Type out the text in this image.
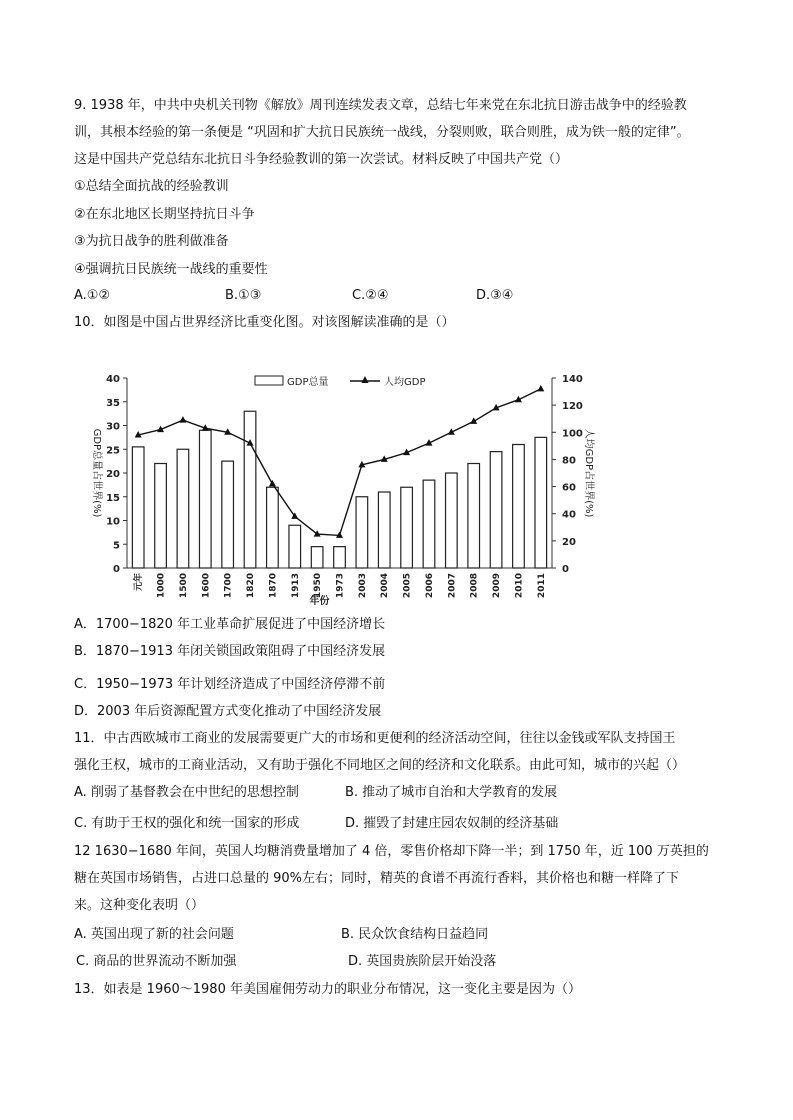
9. 1938 年，中共中央机关刊物《解放》周刊连续发表文章，总结七年来党在东北抗日游击战争中的经验教
训，其根本经验的第一条便是 “巩固和扩大抗日民族统一战线，分裂则败，联合则胜，成为铁一般的定律”。
这是中国共产党总结东北抗日斗争经验教训的第一次尝试。材料反映了中国共产党（）
①总结全面抗战的经验教训
②在东北地区长期坚持抗日斗争
③为抗日战争的胜利做准备
④强调抗日民族统一战线的重要性
A.①②	B.①③	C.②④	D.③④
10．如图是中国占世界经济比重变化图。对该图解读准确的是（）
0
5
10
15
20
25
30
35
40
0
20
40
60
80
100
120
140
GDP总量占世界(%)	人均GDP占世界(%)
元年 1000 1500 1600 1700 1820 1870 1913 1950 1973 2003 2004 2005 2006 2007 2008 2009 2010 2011
年份
GDP总量	人均GDP
A．1700−1820 年工业革命扩展促进了中国经济增长
B．1870−1913 年闭关锁国政策阻碍了中国经济发展
C．1950−1973 年计划经济造成了中国经济停滞不前
D．2003 年后资源配置方式变化推动了中国经济发展
11．中古西欧城市工商业的发展需要更广大的市场和更便利的经济活动空间，往往以金钱或军队支持国王
强化王权，城市的工商业活动，又有助于强化不同地区之间的经济和文化联系。由此可知，城市的兴起（）
A. 削弱了基督教会在中世纪的思想控制	B. 推动了城市自治和大学教育的发展
C. 有助于王权的强化和统一国家的形成	D. 摧毁了封建庄园农奴制的经济基础
12 1630−1680 年间，英国人均糖消费量增加了 4 倍，零售价格却下降一半；到 1750 年，近 100 万英担的
糖在英国市场销售，占进口总量的 90%左右；同时，精英的食谱不再流行香料，其价格也和糖一样降了下
来。这种变化表明（）
A. 英国出现了新的社会问题	B. 民众饮食结构日益趋同
C. 商品的世界流动不断加强	D. 英国贵族阶层开始没落
13．如表是 1960～1980 年美国雇佣劳动力的职业分布情况，这一变化主要是因为（）
